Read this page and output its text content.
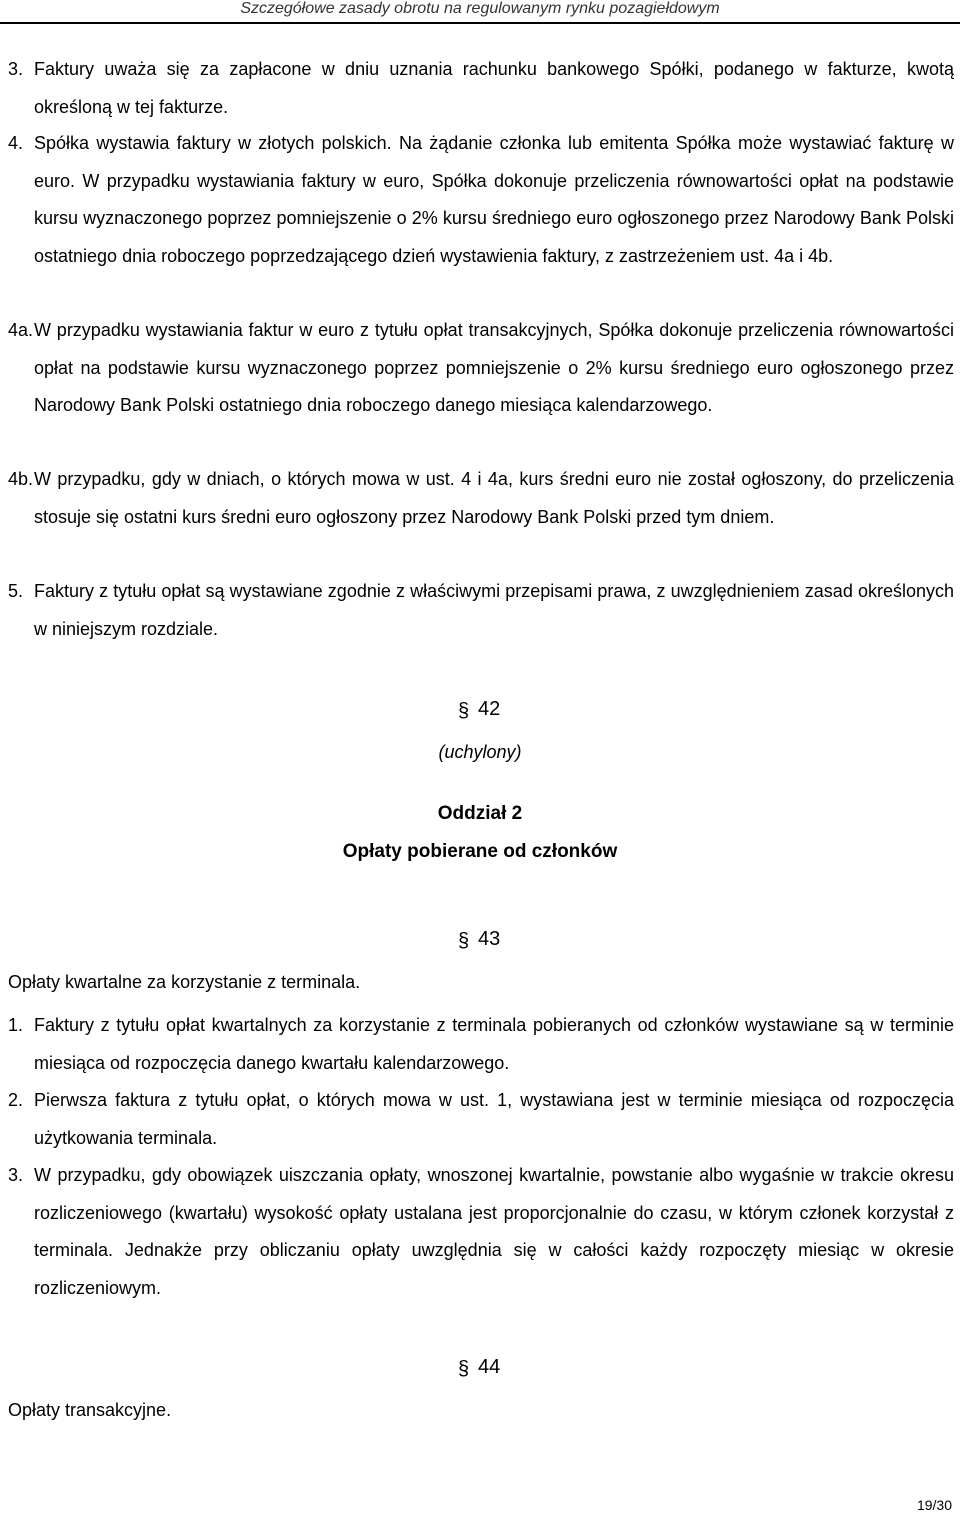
Szczegółowe zasady obrotu na regulowanym rynku pozagiełdowym
3. Faktury uważa się za zapłacone w dniu uznania rachunku bankowego Spółki, podanego w fakturze, kwotą określoną w tej fakturze.
4. Spółka wystawia faktury w złotych polskich. Na żądanie członka lub emitenta Spółka może wystawiać fakturę w euro. W przypadku wystawiania faktury w euro, Spółka dokonuje przeliczenia równowartości opłat na podstawie kursu wyznaczonego poprzez pomniejszenie o 2% kursu średniego euro ogłoszonego przez Narodowy Bank Polski ostatniego dnia roboczego poprzedzającego dzień wystawienia faktury, z zastrzeżeniem ust. 4a i 4b.
4a. W przypadku wystawiania faktur w euro z tytułu opłat transakcyjnych, Spółka dokonuje przeliczenia równowartości opłat na podstawie kursu wyznaczonego poprzez pomniejszenie o 2% kursu średniego euro ogłoszonego przez Narodowy Bank Polski ostatniego dnia roboczego danego miesiąca kalendarzowego.
4b. W przypadku, gdy w dniach, o których mowa w ust. 4 i 4a, kurs średni euro nie został ogłoszony, do przeliczenia stosuje się ostatni kurs średni euro ogłoszony przez Narodowy Bank Polski przed tym dniem.
5. Faktury z tytułu opłat są wystawiane zgodnie z właściwymi przepisami prawa, z uwzględnieniem zasad określonych w niniejszym rozdziale.
§ 42
(uchylony)
Oddział 2
Opłaty pobierane od członków
§ 43
Opłaty kwartalne za korzystanie z terminala.
1. Faktury z tytułu opłat kwartalnych za korzystanie z terminala pobieranych od członków wystawiane są w terminie miesiąca od rozpoczęcia danego kwartału kalendarzowego.
2. Pierwsza faktura z tytułu opłat, o których mowa w ust. 1, wystawiana jest w terminie miesiąca od rozpoczęcia użytkowania terminala.
3. W przypadku, gdy obowiązek uiszczania opłaty, wnoszonej kwartalnie, powstanie albo wygaśnie w trakcie okresu rozliczeniowego (kwartału) wysokość opłaty ustalana jest proporcjonalnie do czasu, w którym członek korzystał z terminala. Jednakże przy obliczaniu opłaty uwzględnia się w całości każdy rozpoczęty miesiąc w okresie rozliczeniowym.
§ 44
Opłaty transakcyjne.
19/30
